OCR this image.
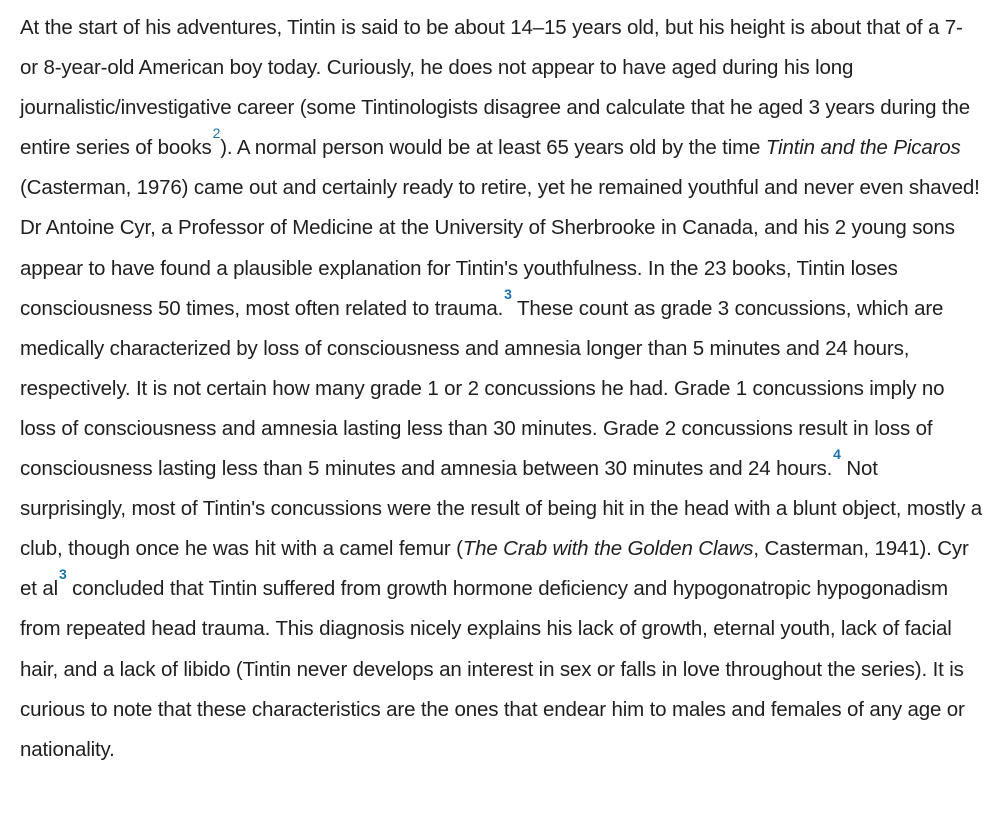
At the start of his adventures, Tintin is said to be about 14–15 years old, but his height is about that of a 7- or 8-year-old American boy today. Curiously, he does not appear to have aged during his long journalistic/investigative career (some Tintinologists disagree and calculate that he aged 3 years during the entire series of books$^2$). A normal person would be at least 65 years old by the time Tintin and the Picaros (Casterman, 1976) came out and certainly ready to retire, yet he remained youthful and never even shaved! Dr Antoine Cyr, a Professor of Medicine at the University of Sherbrooke in Canada, and his 2 young sons appear to have found a plausible explanation for Tintin's youthfulness. In the 23 books, Tintin loses consciousness 50 times, most often related to trauma.$^3$ These count as grade 3 concussions, which are medically characterized by loss of consciousness and amnesia longer than 5 minutes and 24 hours, respectively. It is not certain how many grade 1 or 2 concussions he had. Grade 1 concussions imply no loss of consciousness and amnesia lasting less than 30 minutes. Grade 2 concussions result in loss of consciousness lasting less than 5 minutes and amnesia between 30 minutes and 24 hours.$^4$ Not surprisingly, most of Tintin's concussions were the result of being hit in the head with a blunt object, mostly a club, though once he was hit with a camel femur (The Crab with the Golden Claws, Casterman, 1941). Cyr et al$^3$ concluded that Tintin suffered from growth hormone deficiency and hypogonatropic hypogonadism from repeated head trauma. This diagnosis nicely explains his lack of growth, eternal youth, lack of facial hair, and a lack of libido (Tintin never develops an interest in sex or falls in love throughout the series). It is curious to note that these characteristics are the ones that endear him to males and females of any age or nationality.
